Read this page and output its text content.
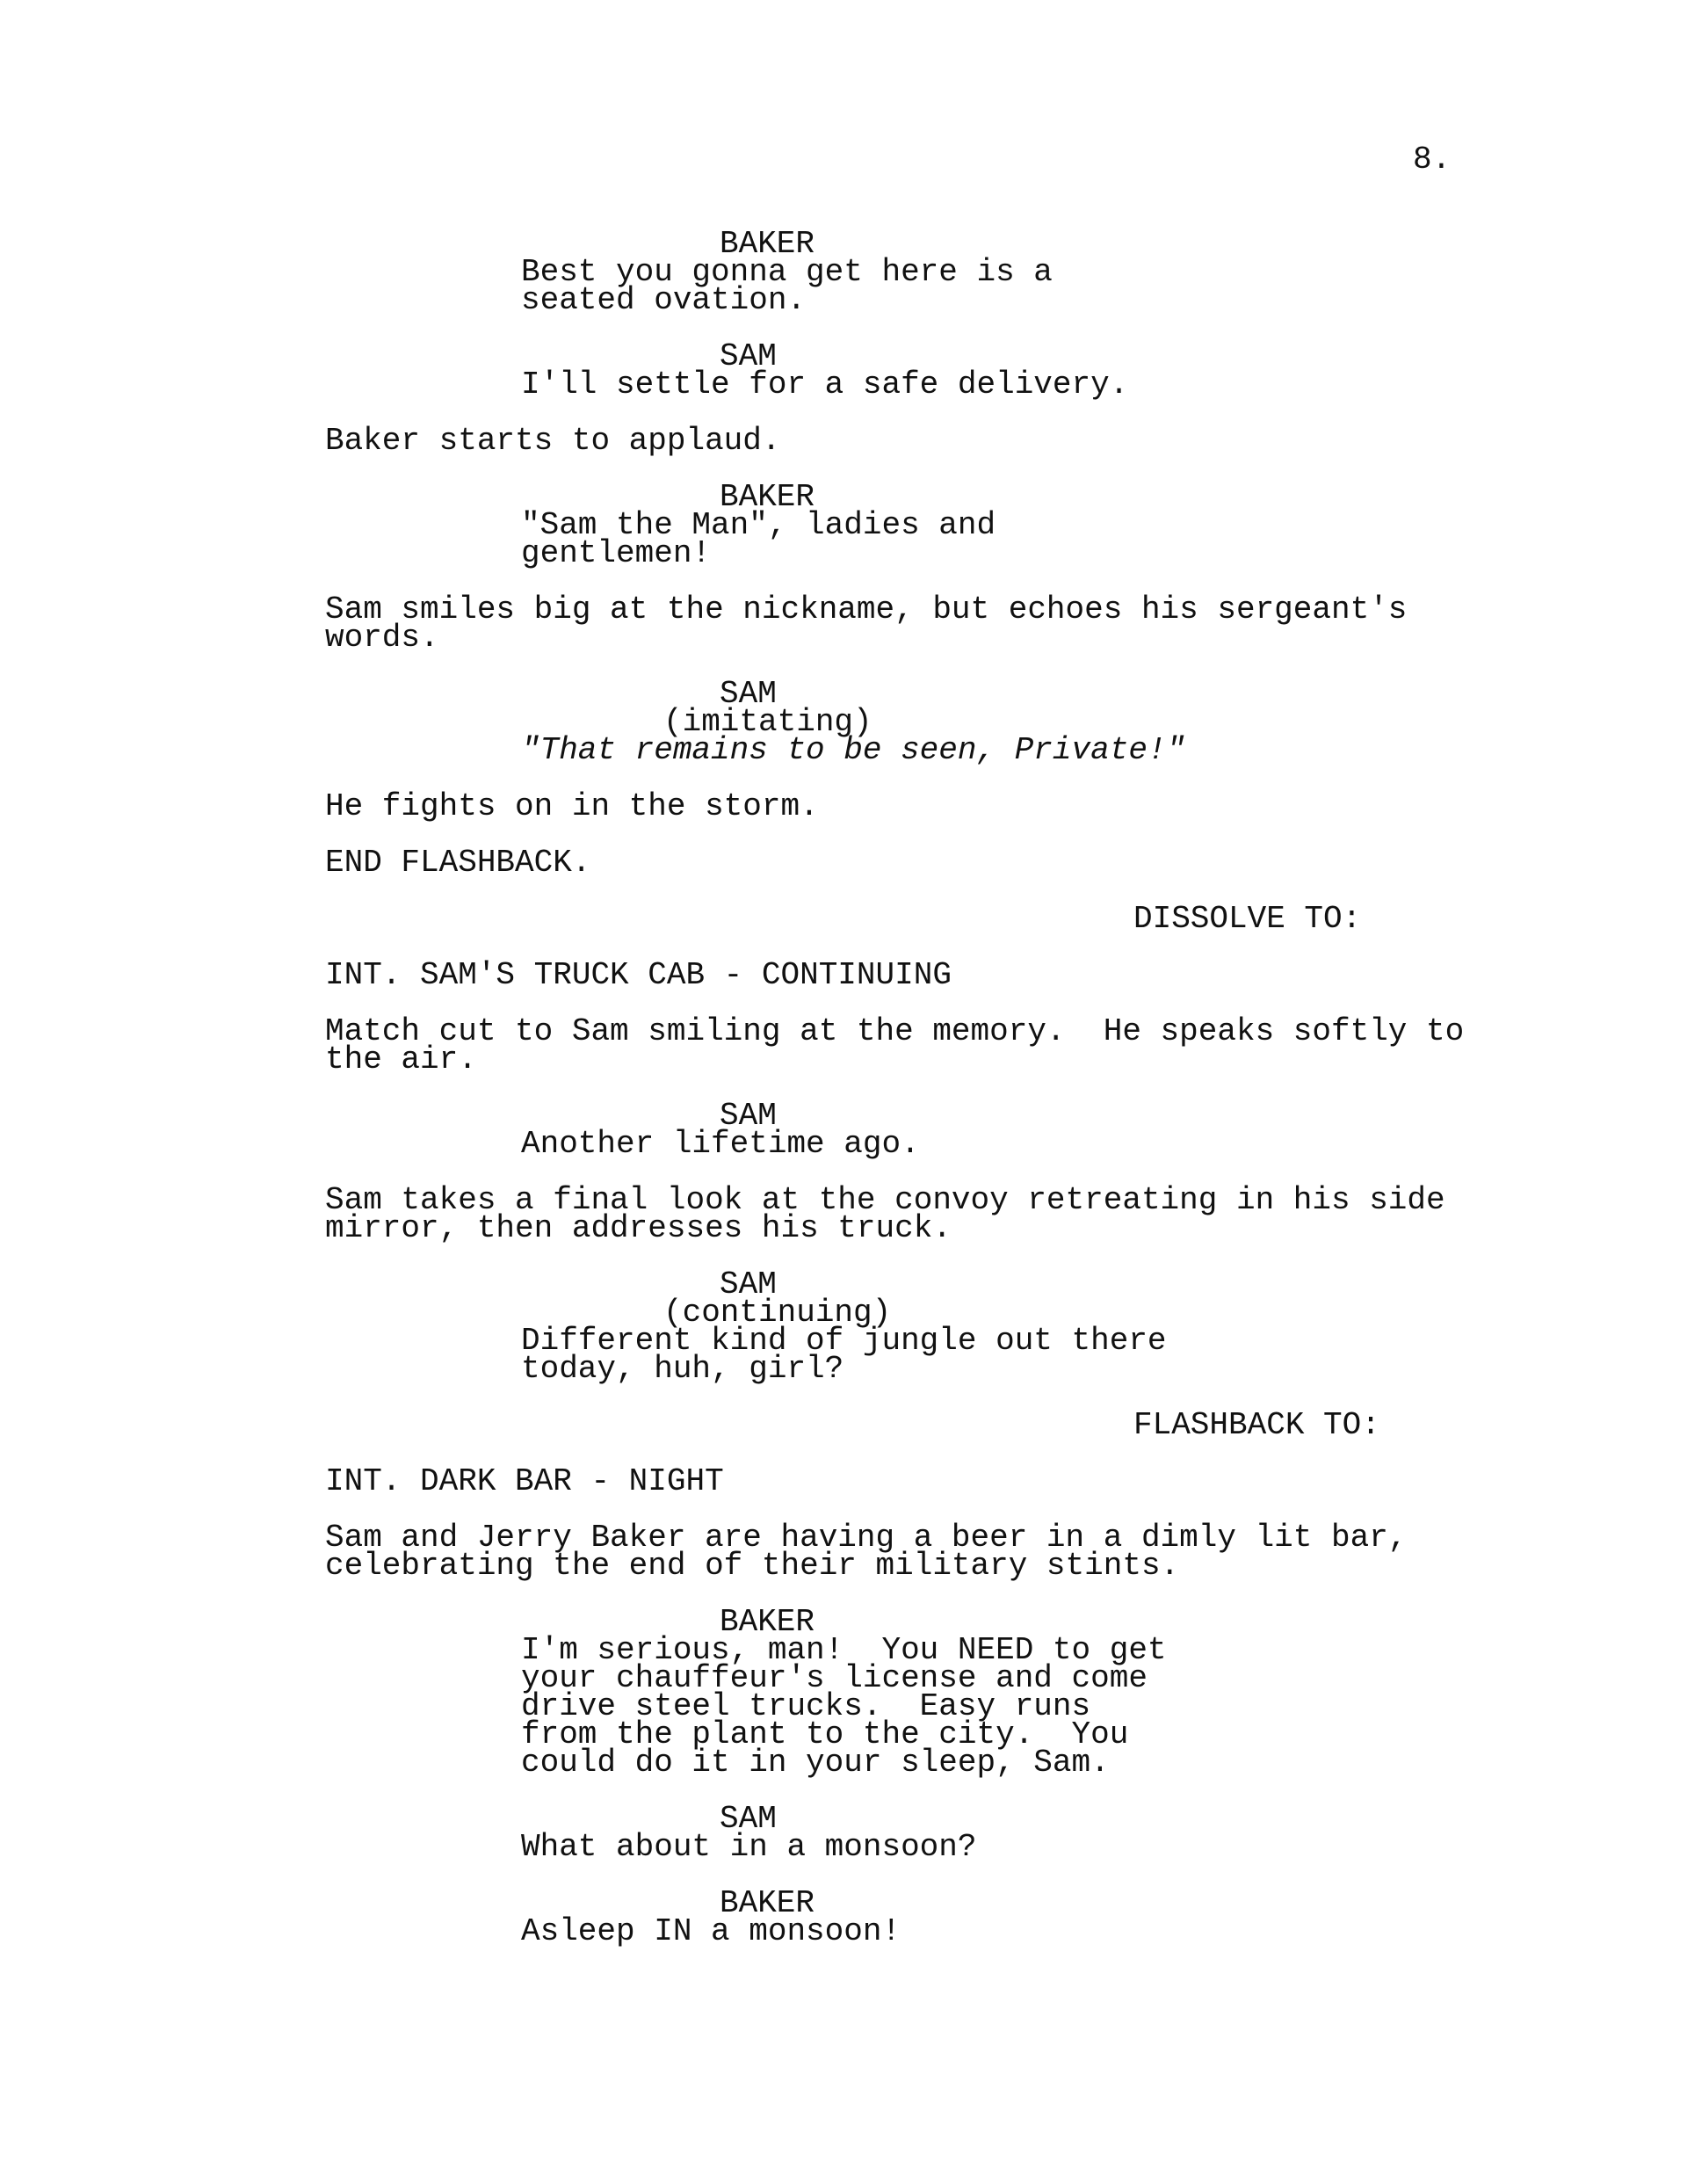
8.
BAKER
Best you gonna get here is a
seated ovation.
SAM
I'll settle for a safe delivery.
Baker starts to applaud.
BAKER
"Sam the Man", ladies and
gentlemen!
Sam smiles big at the nickname, but echoes his sergeant's
words.
SAM
(imitating)
"That remains to be seen, Private!"
He fights on in the storm.
END FLASHBACK.
DISSOLVE TO:
INT. SAM'S TRUCK CAB - CONTINUING
Match cut to Sam smiling at the memory.  He speaks softly to
the air.
SAM
Another lifetime ago.
Sam takes a final look at the convoy retreating in his side
mirror, then addresses his truck.
SAM
(continuing)
Different kind of jungle out there
today, huh, girl?
FLASHBACK TO:
INT. DARK BAR - NIGHT
Sam and Jerry Baker are having a beer in a dimly lit bar,
celebrating the end of their military stints.
BAKER
I'm serious, man!  You NEED to get
your chauffeur's license and come
drive steel trucks.  Easy runs
from the plant to the city.  You
could do it in your sleep, Sam.
SAM
What about in a monsoon?
BAKER
Asleep IN a monsoon!
